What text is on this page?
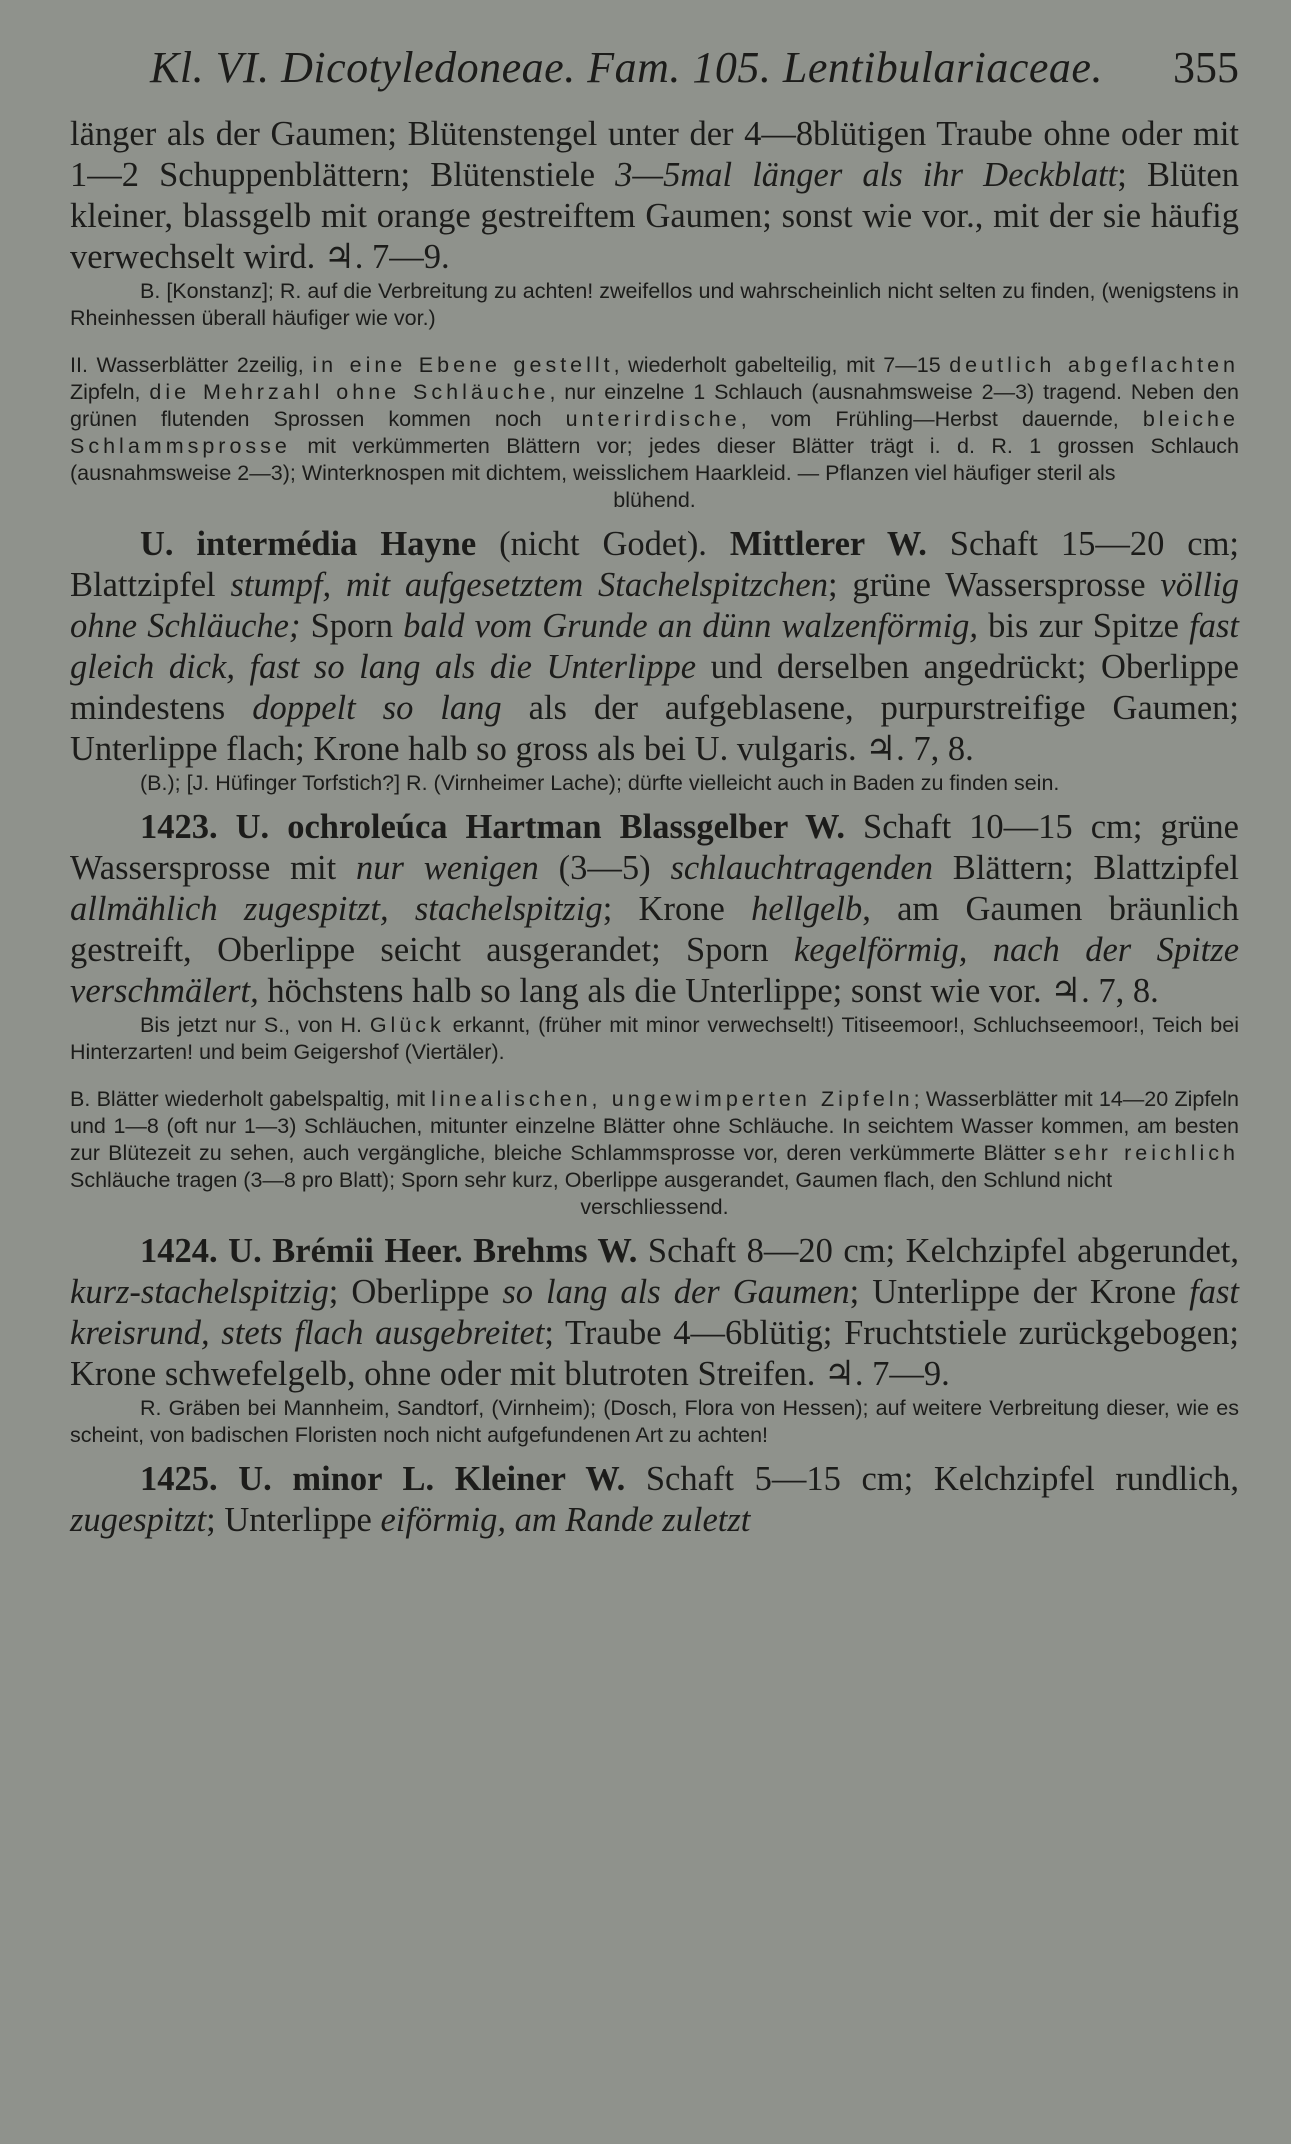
Kl. VI. Dicotyledoneae. Fam. 105. Lentibulariaceae. 355

länger als der Gaumen; Blütenstengel unter der 4—8blütigen Traube ohne oder mit 1—2 Schuppenblättern; Blütenstiele 3—5mal länger als ihr Deckblatt; Blüten kleiner, blassgelb mit orange gestreiftem Gaumen; sonst wie vor., mit der sie häufig verwechselt wird. ♃. 7—9.

B. [Konstanz]; R. auf die Verbreitung zu achten! zweifellos und wahrscheinlich nicht selten zu finden, (wenigstens in Rheinhessen überall häufiger wie vor.)

II. Wasserblätter 2zeilig, in eine Ebene gestellt, wiederholt gabelteilig, mit 7—15 deutlich abgeflachten Zipfeln, die Mehrzahl ohne Schläuche, nur einzelne 1 Schlauch (ausnahmsweise 2—3) tragend. Neben den grünen flutenden Sprossen kommen noch unterirdische, vom Frühling—Herbst dauernde, bleiche Schlammsprosse mit verkümmerten Blättern vor; jedes dieser Blätter trägt i. d. R. 1 grossen Schlauch (ausnahmsweise 2—3); Winterknospen mit dichtem, weisslichem Haarkleid. — Pflanzen viel häufiger steril als

blühend.

U. intermédia Hayne (nicht Godet). Mittlerer W. Schaft 15—20 cm; Blattzipfel stumpf, mit aufgesetztem Stachelspitzchen; grüne Wassersprosse völlig ohne Schläuche; Sporn bald vom Grunde an dünn walzenförmig, bis zur Spitze fast gleich dick, fast so lang als die Unterlippe und derselben angedrückt; Oberlippe mindestens doppelt so lang als der aufgeblasene, purpurstreifige Gaumen; Unterlippe flach; Krone halb so gross als bei U. vulgaris. ♃. 7, 8.

(B.); [J. Hüfinger Torfstich?] R. (Virnheimer Lache); dürfte vielleicht auch in Baden zu finden sein.

1423. U. ochroleúca Hartman Blassgelber W. Schaft 10—15 cm; grüne Wassersprosse mit nur wenigen (3—5) schlauchtragenden Blättern; Blattzipfel allmählich zugespitzt, stachelspitzig; Krone hellgelb, am Gaumen bräunlich gestreift, Oberlippe seicht ausgerandet; Sporn kegelförmig, nach der Spitze verschmälert, höchstens halb so lang als die Unterlippe; sonst wie vor. ♃. 7, 8.

Bis jetzt nur S., von H. Glück erkannt, (früher mit minor verwechselt!) Titiseemoor!, Schluchseemoor!, Teich bei Hinterzarten! und beim Geigershof (Viertäler).

B. Blätter wiederholt gabelspaltig, mit linealischen, ungewimperten Zipfeln; Wasserblätter mit 14—20 Zipfeln und 1—8 (oft nur 1—3) Schläuchen, mitunter einzelne Blätter ohne Schläuche. In seichtem Wasser kommen, am besten zur Blütezeit zu sehen, auch vergängliche, bleiche Schlammsprosse vor, deren verkümmerte Blätter sehr reichlich Schläuche tragen (3—8 pro Blatt); Sporn sehr kurz, Oberlippe ausgerandet, Gaumen flach, den Schlund nicht

verschliessend.

1424. U. Brémii Heer. Brehms W. Schaft 8—20 cm; Kelchzipfel abgerundet, kurz-stachelspitzig; Oberlippe so lang als der Gaumen; Unterlippe der Krone fast kreisrund, stets flach ausgebreitet; Traube 4—6blütig; Fruchtstiele zurückgebogen; Krone schwefelgelb, ohne oder mit blutroten Streifen. ♃. 7—9.

R. Gräben bei Mannheim, Sandtorf, (Virnheim); (Dosch, Flora von Hessen); auf weitere Verbreitung dieser, wie es scheint, von badischen Floristen noch nicht aufgefundenen Art zu achten!

1425. U. minor L. Kleiner W. Schaft 5—15 cm; Kelchzipfel rundlich, zugespitzt; Unterlippe eiförmig, am Rande zuletzt
